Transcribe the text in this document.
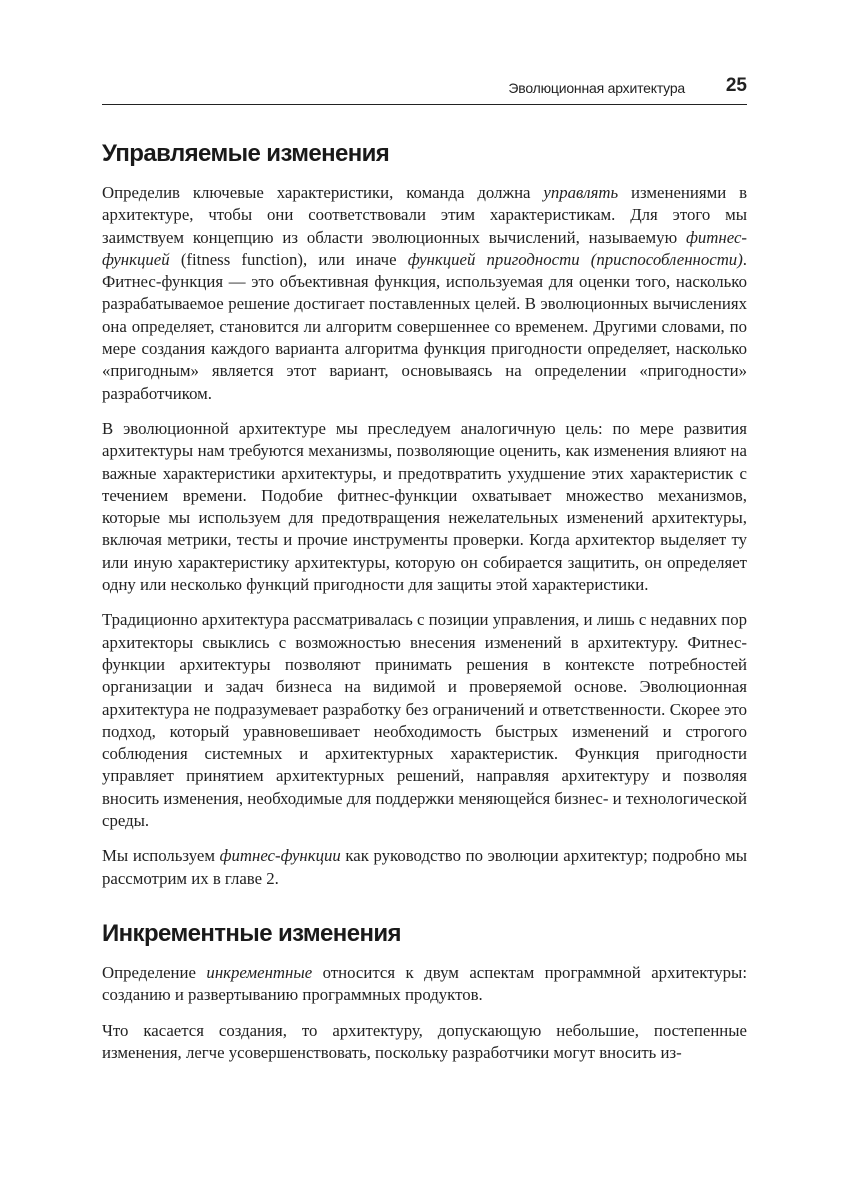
Эволюционная архитектура 25
Управляемые изменения

Определив ключевые характеристики, команда должна управлять изменениями в архитектуре, чтобы они соответствовали этим характеристикам. Для этого мы заимствуем концепцию из области эволюционных вычислений, называемую фитнес-функцией (fitness function), или иначе функцией пригодности (приспособленности). Фитнес-функция — это объективная функция, используемая для оценки того, насколько разрабатываемое решение достигает поставленных целей. В эволюционных вычислениях она определяет, становится ли алгоритм совершеннее со временем. Другими словами, по мере создания каждого варианта алгоритма функция пригодности определяет, насколько «пригодным» является этот вариант, основываясь на определении «пригодности» разработчиком.

В эволюционной архитектуре мы преследуем аналогичную цель: по мере развития архитектуры нам требуются механизмы, позволяющие оценить, как изменения влияют на важные характеристики архитектуры, и предотвратить ухудшение этих характеристик с течением времени. Подобие фитнес-функции охватывает множество механизмов, которые мы используем для предотвращения нежелательных изменений архитектуры, включая метрики, тесты и прочие инструменты проверки. Когда архитектор выделяет ту или иную характеристику архитектуры, которую он собирается защитить, он определяет одну или несколько функций пригодности для защиты этой характеристики.

Традиционно архитектура рассматривалась с позиции управления, и лишь с недавних пор архитекторы свыклись с возможностью внесения изменений в архитектуру. Фитнес-функции архитектуры позволяют принимать решения в контексте потребностей организации и задач бизнеса на видимой и проверяемой основе. Эволюционная архитектура не подразумевает разработку без ограничений и ответственности. Скорее это подход, который уравновешивает необходимость быстрых изменений и строгого соблюдения системных и архитектурных характеристик. Функция пригодности управляет принятием архитектурных решений, направляя архитектуру и позволяя вносить изменения, необходимые для поддержки меняющейся бизнес- и технологической среды.

Мы используем фитнес-функции как руководство по эволюции архитектур; подробно мы рассмотрим их в главе 2.

Инкрементные изменения

Определение инкрементные относится к двум аспектам программной архитектуры: созданию и развертыванию программных продуктов.

Что касается создания, то архитектуру, допускающую небольшие, постепенные изменения, легче усовершенствовать, поскольку разработчики могут вносить из-
